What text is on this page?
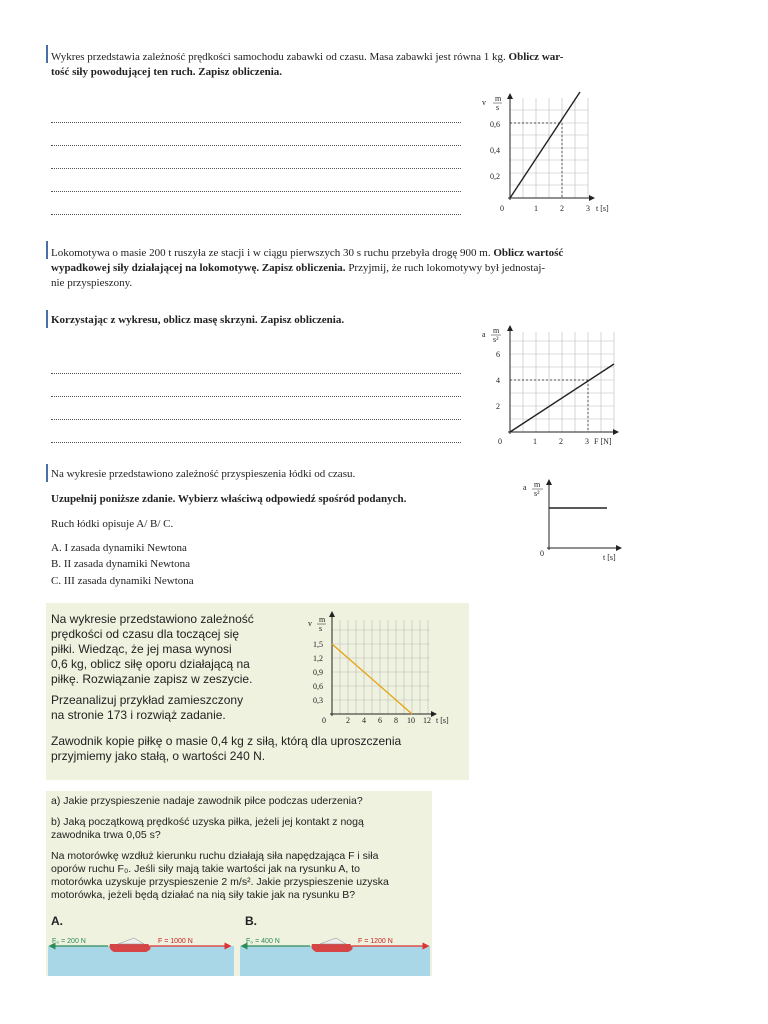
Wykres przedstawia zależność prędkości samochodu zabawki od czasu. Masa zabawki jest równa 1 kg. Oblicz war-
tość siły powodującej ten ruch. Zapisz obliczenia.
v m
s
0,2
0,4
0,6
0	1	2	3 t [s]
Lokomotywa o masie 200 t ruszyła ze stacji i w ciągu pierwszych 30 s ruchu przebyła drogę 900 m. Oblicz wartość
wypadkowej siły działającej na lokomotywę. Zapisz obliczenia. Przyjmij, że ruch lokomotywy był jednostaj-
nie przyspieszony.
Korzystając z wykresu, oblicz masę skrzyni. Zapisz obliczenia.
a m
s²
2
4
6
0	1	2	3 F [N]
Na wykresie przedstawiono zależność przyspieszenia łódki od czasu.
Uzupełnij poniższe zdanie. Wybierz właściwą odpowiedź spośród podanych.
Ruch łódki opisuje A/ B/ C.
A. I zasada dynamiki Newtona
B. II zasada dynamiki Newtona
C. III zasada dynamiki Newtona
a m
s²
0	t [s]
Na wykresie przedstawiono zależność
prędkości od czasu dla toczącej się
piłki. Wiedząc, że jej masa wynosi
0,6 kg, oblicz siłę oporu działającą na
piłkę. Rozwiązanie zapisz w zeszycie.
Przeanalizuj przykład zamieszczony
na stronie 173 i rozwiąż zadanie.
Zawodnik kopie piłkę o masie 0,4 kg z siłą, którą dla uproszczenia
przyjmiemy jako stałą, o wartości 240 N.
v m
s
0,3
0,6
0,9
1,2
1,5
0	2 4 6 8 10 12 t [s]
a) Jakie przyspieszenie nadaje zawodnik piłce podczas uderzenia?
b) Jaką początkową prędkość uzyska piłka, jeżeli jej kontakt z nogą
zawodnika trwa 0,05 s?
Na motorówkę wzdłuż kierunku ruchu działają siła napędzająca F i siła
oporów ruchu F₀. Jeśli siły mają takie wartości jak na rysunku A, to
motorówka uzyskuje przyspieszenie 2 m/s². Jakie przyspieszenie uzyska
motorówka, jeżeli będą działać na nią siły takie jak na rysunku B?
A.	B.
F₀ = 200 N	F = 1000 N	F₀ = 400 N	F = 1200 N
